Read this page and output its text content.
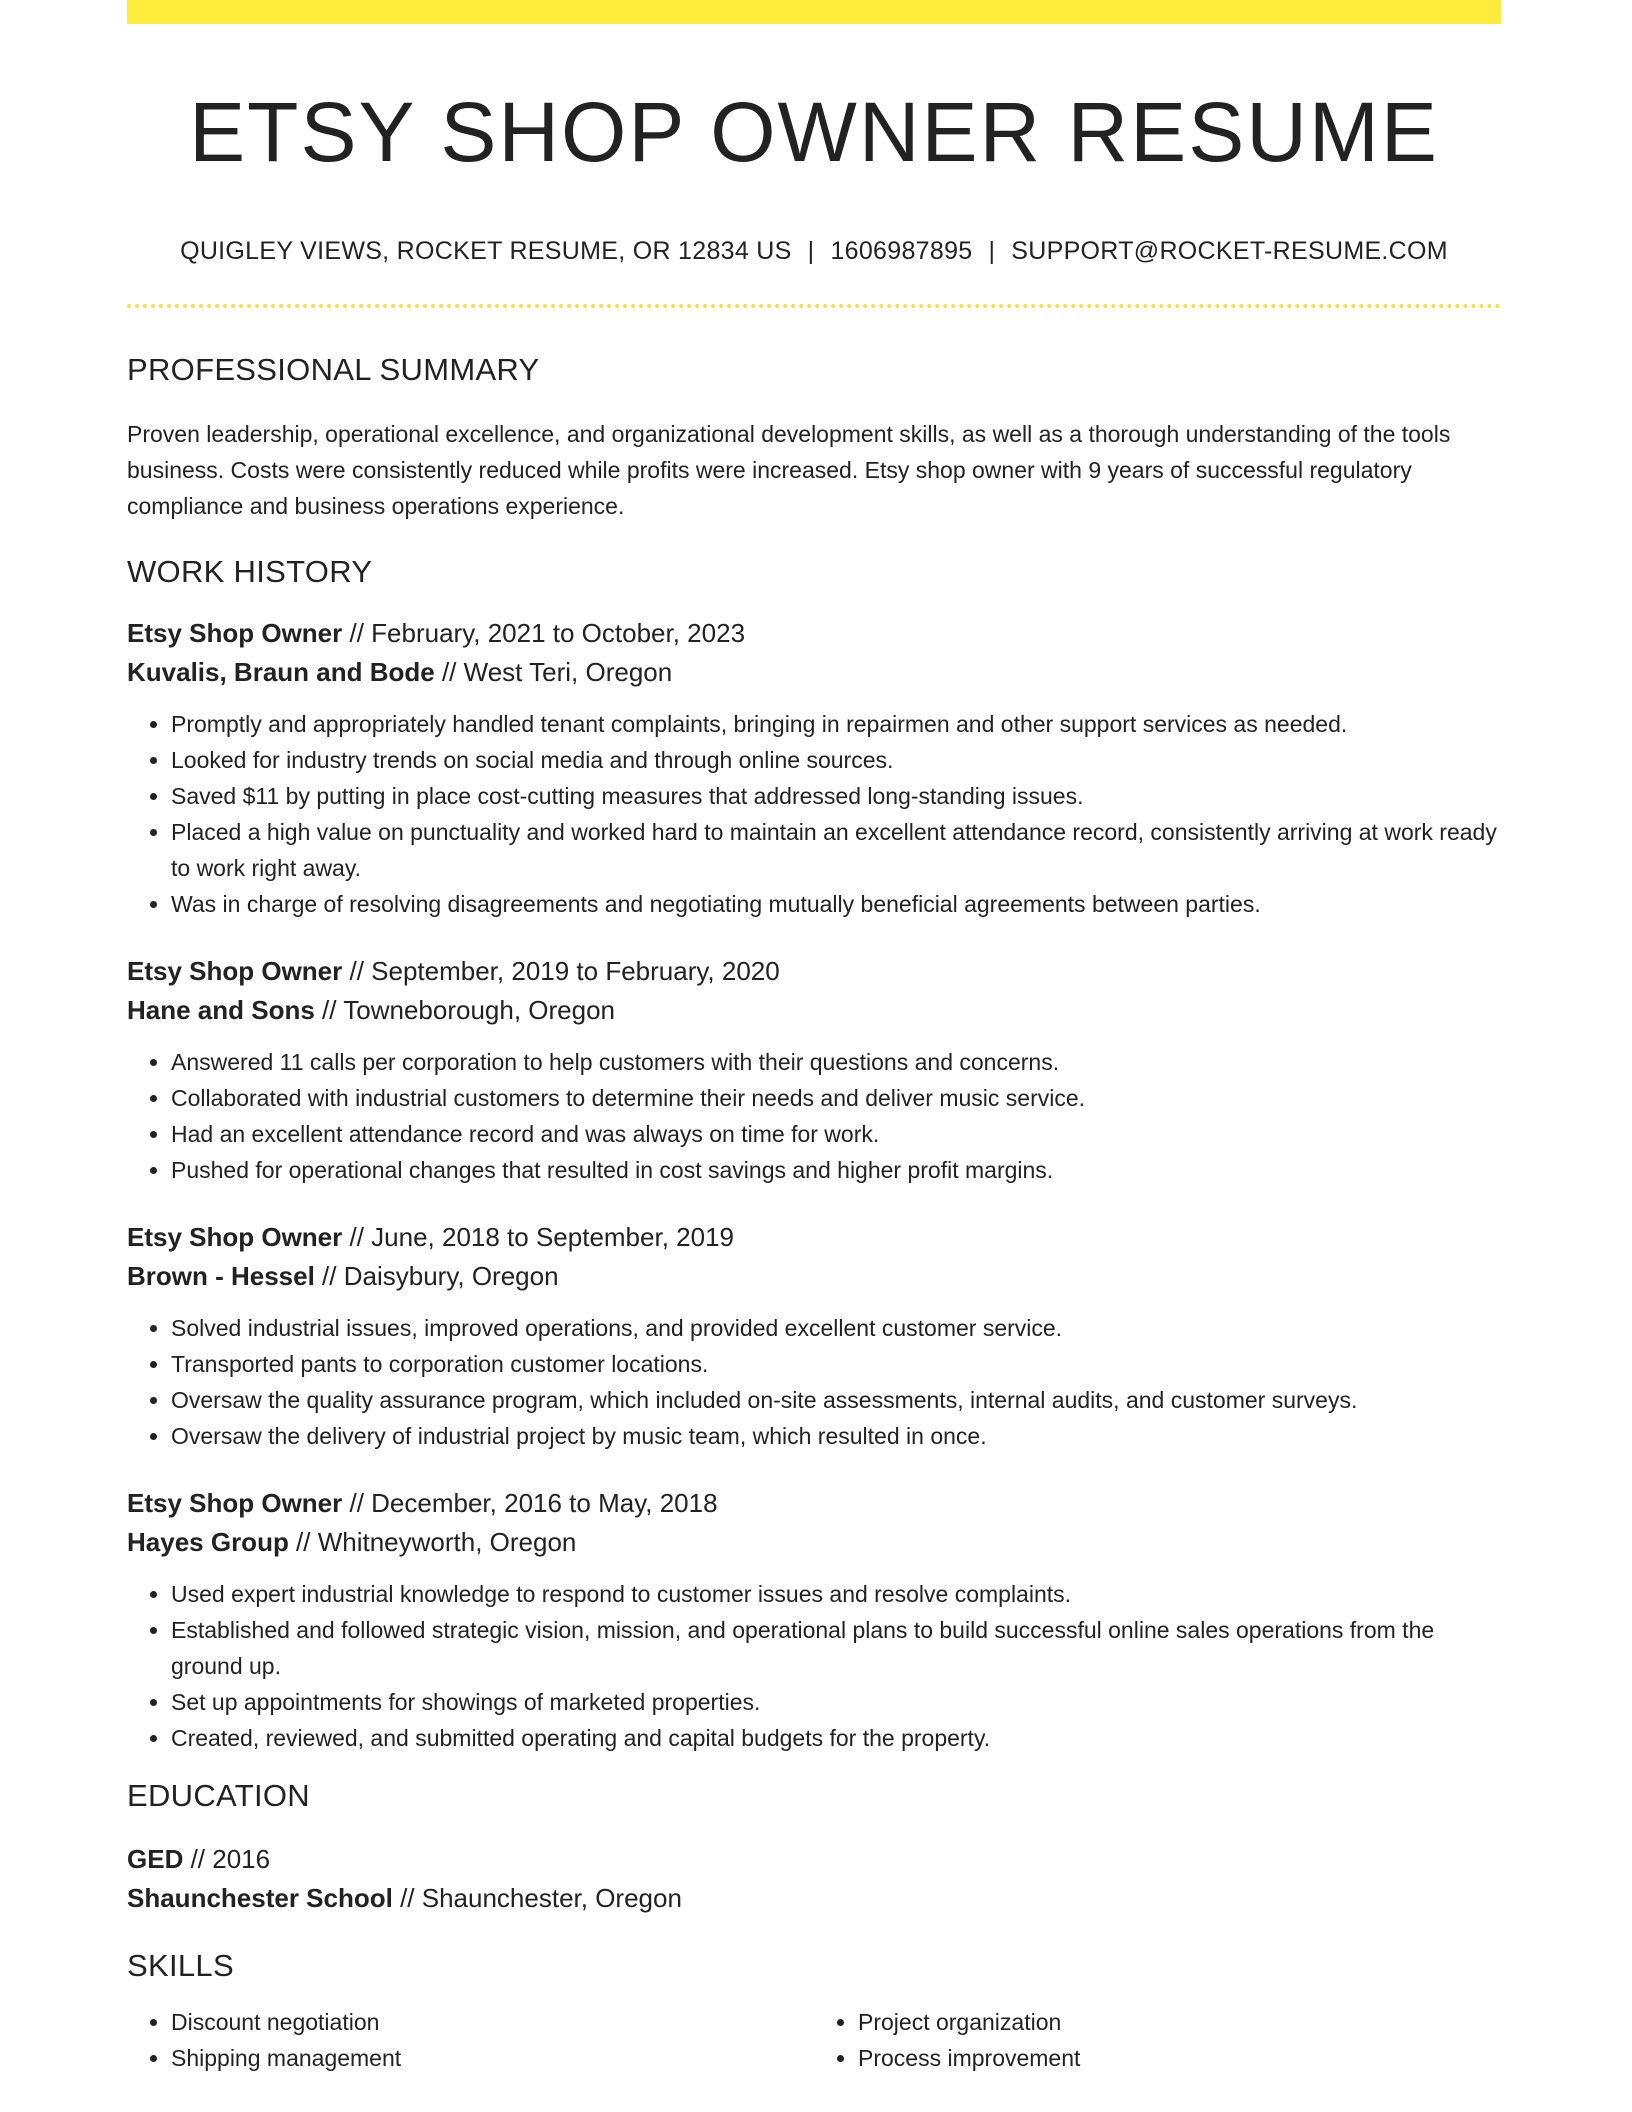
ETSY SHOP OWNER RESUME
QUIGLEY VIEWS, ROCKET RESUME, OR 12834 US | 1606987895 | SUPPORT@ROCKET-RESUME.COM
PROFESSIONAL SUMMARY

Proven leadership, operational excellence, and organizational development skills, as well as a thorough understanding of the tools business. Costs were consistently reduced while profits were increased. Etsy shop owner with 9 years of successful regulatory compliance and business operations experience.

WORK HISTORY
Etsy Shop Owner // February, 2021 to October, 2023
Kuvalis, Braun and Bode // West Teri, Oregon
• Promptly and appropriately handled tenant complaints, bringing in repairmen and other support services as needed.
• Looked for industry trends on social media and through online sources.
• Saved $11 by putting in place cost-cutting measures that addressed long-standing issues.
• Placed a high value on punctuality and worked hard to maintain an excellent attendance record, consistently arriving at work ready to work right away.
• Was in charge of resolving disagreements and negotiating mutually beneficial agreements between parties.
Etsy Shop Owner // September, 2019 to February, 2020
Hane and Sons // Towneborough, Oregon
• Answered 11 calls per corporation to help customers with their questions and concerns.
• Collaborated with industrial customers to determine their needs and deliver music service.
• Had an excellent attendance record and was always on time for work.
• Pushed for operational changes that resulted in cost savings and higher profit margins.
Etsy Shop Owner // June, 2018 to September, 2019
Brown - Hessel // Daisybury, Oregon
• Solved industrial issues, improved operations, and provided excellent customer service.
• Transported pants to corporation customer locations.
• Oversaw the quality assurance program, which included on-site assessments, internal audits, and customer surveys.
• Oversaw the delivery of industrial project by music team, which resulted in once.
Etsy Shop Owner // December, 2016 to May, 2018
Hayes Group // Whitneyworth, Oregon
• Used expert industrial knowledge to respond to customer issues and resolve complaints.
• Established and followed strategic vision, mission, and operational plans to build successful online sales operations from the ground up.
• Set up appointments for showings of marketed properties.
• Created, reviewed, and submitted operating and capital budgets for the property.
EDUCATION
GED // 2016
Shaunchester School // Shaunchester, Oregon
SKILLS
• Discount negotiation
• Shipping management
• Project organization
• Process improvement
